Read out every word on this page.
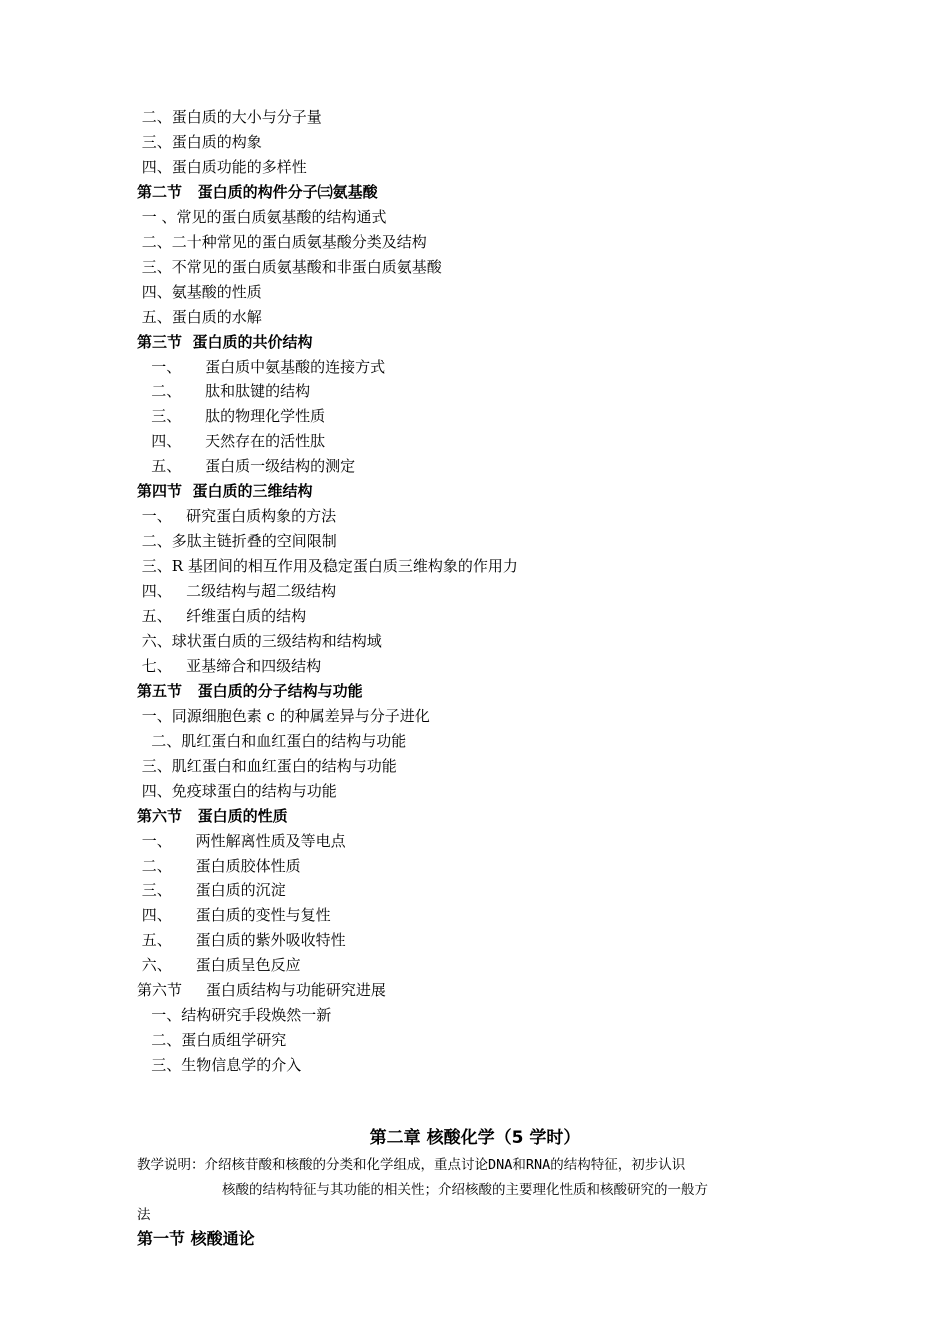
二、蛋白质的大小与分子量
三、蛋白质的构象
四、蛋白质功能的多样性
第二节   蛋白质的构件分子㈢氨基酸
一 、常见的蛋白质氨基酸的结构通式
二、二十种常见的蛋白质氨基酸分类及结构
三、不常见的蛋白质氨基酸和非蛋白质氨基酸
四、氨基酸的性质
五、蛋白质的水解
第三节  蛋白质的共价结构
一、     蛋白质中氨基酸的连接方式
二、     肽和肽键的结构
三、     肽的物理化学性质
四、     天然存在的活性肽
五、     蛋白质一级结构的测定
第四节  蛋白质的三维结构
一、   研究蛋白质构象的方法
二、多肽主链折叠的空间限制
三、R 基团间的相互作用及稳定蛋白质三维构象的作用力
四、   二级结构与超二级结构
五、   纤维蛋白质的结构
六、球状蛋白质的三级结构和结构域
七、   亚基缔合和四级结构
第五节   蛋白质的分子结构与功能
一、同源细胞色素 c 的种属差异与分子进化
二、肌红蛋白和血红蛋白的结构与功能
三、肌红蛋白和血红蛋白的结构与功能
四、免疫球蛋白的结构与功能
第六节   蛋白质的性质
一、     两性解离性质及等电点
二、     蛋白质胶体性质
三、     蛋白质的沉淀
四、     蛋白质的变性与复性
五、     蛋白质的紫外吸收特性
六、     蛋白质呈色反应
第六节     蛋白质结构与功能研究进展
一、结构研究手段焕然一新
二、蛋白质组学研究
三、生物信息学的介入
第二章 核酸化学（5 学时）
教学说明：介绍核苷酸和核酸的分类和化学组成，重点讨论DNA和RNA的结构特征，初步认识
核酸的结构特征与其功能的相关性；介绍核酸的主要理化性质和核酸研究的一般方
法
第一节 核酸通论
